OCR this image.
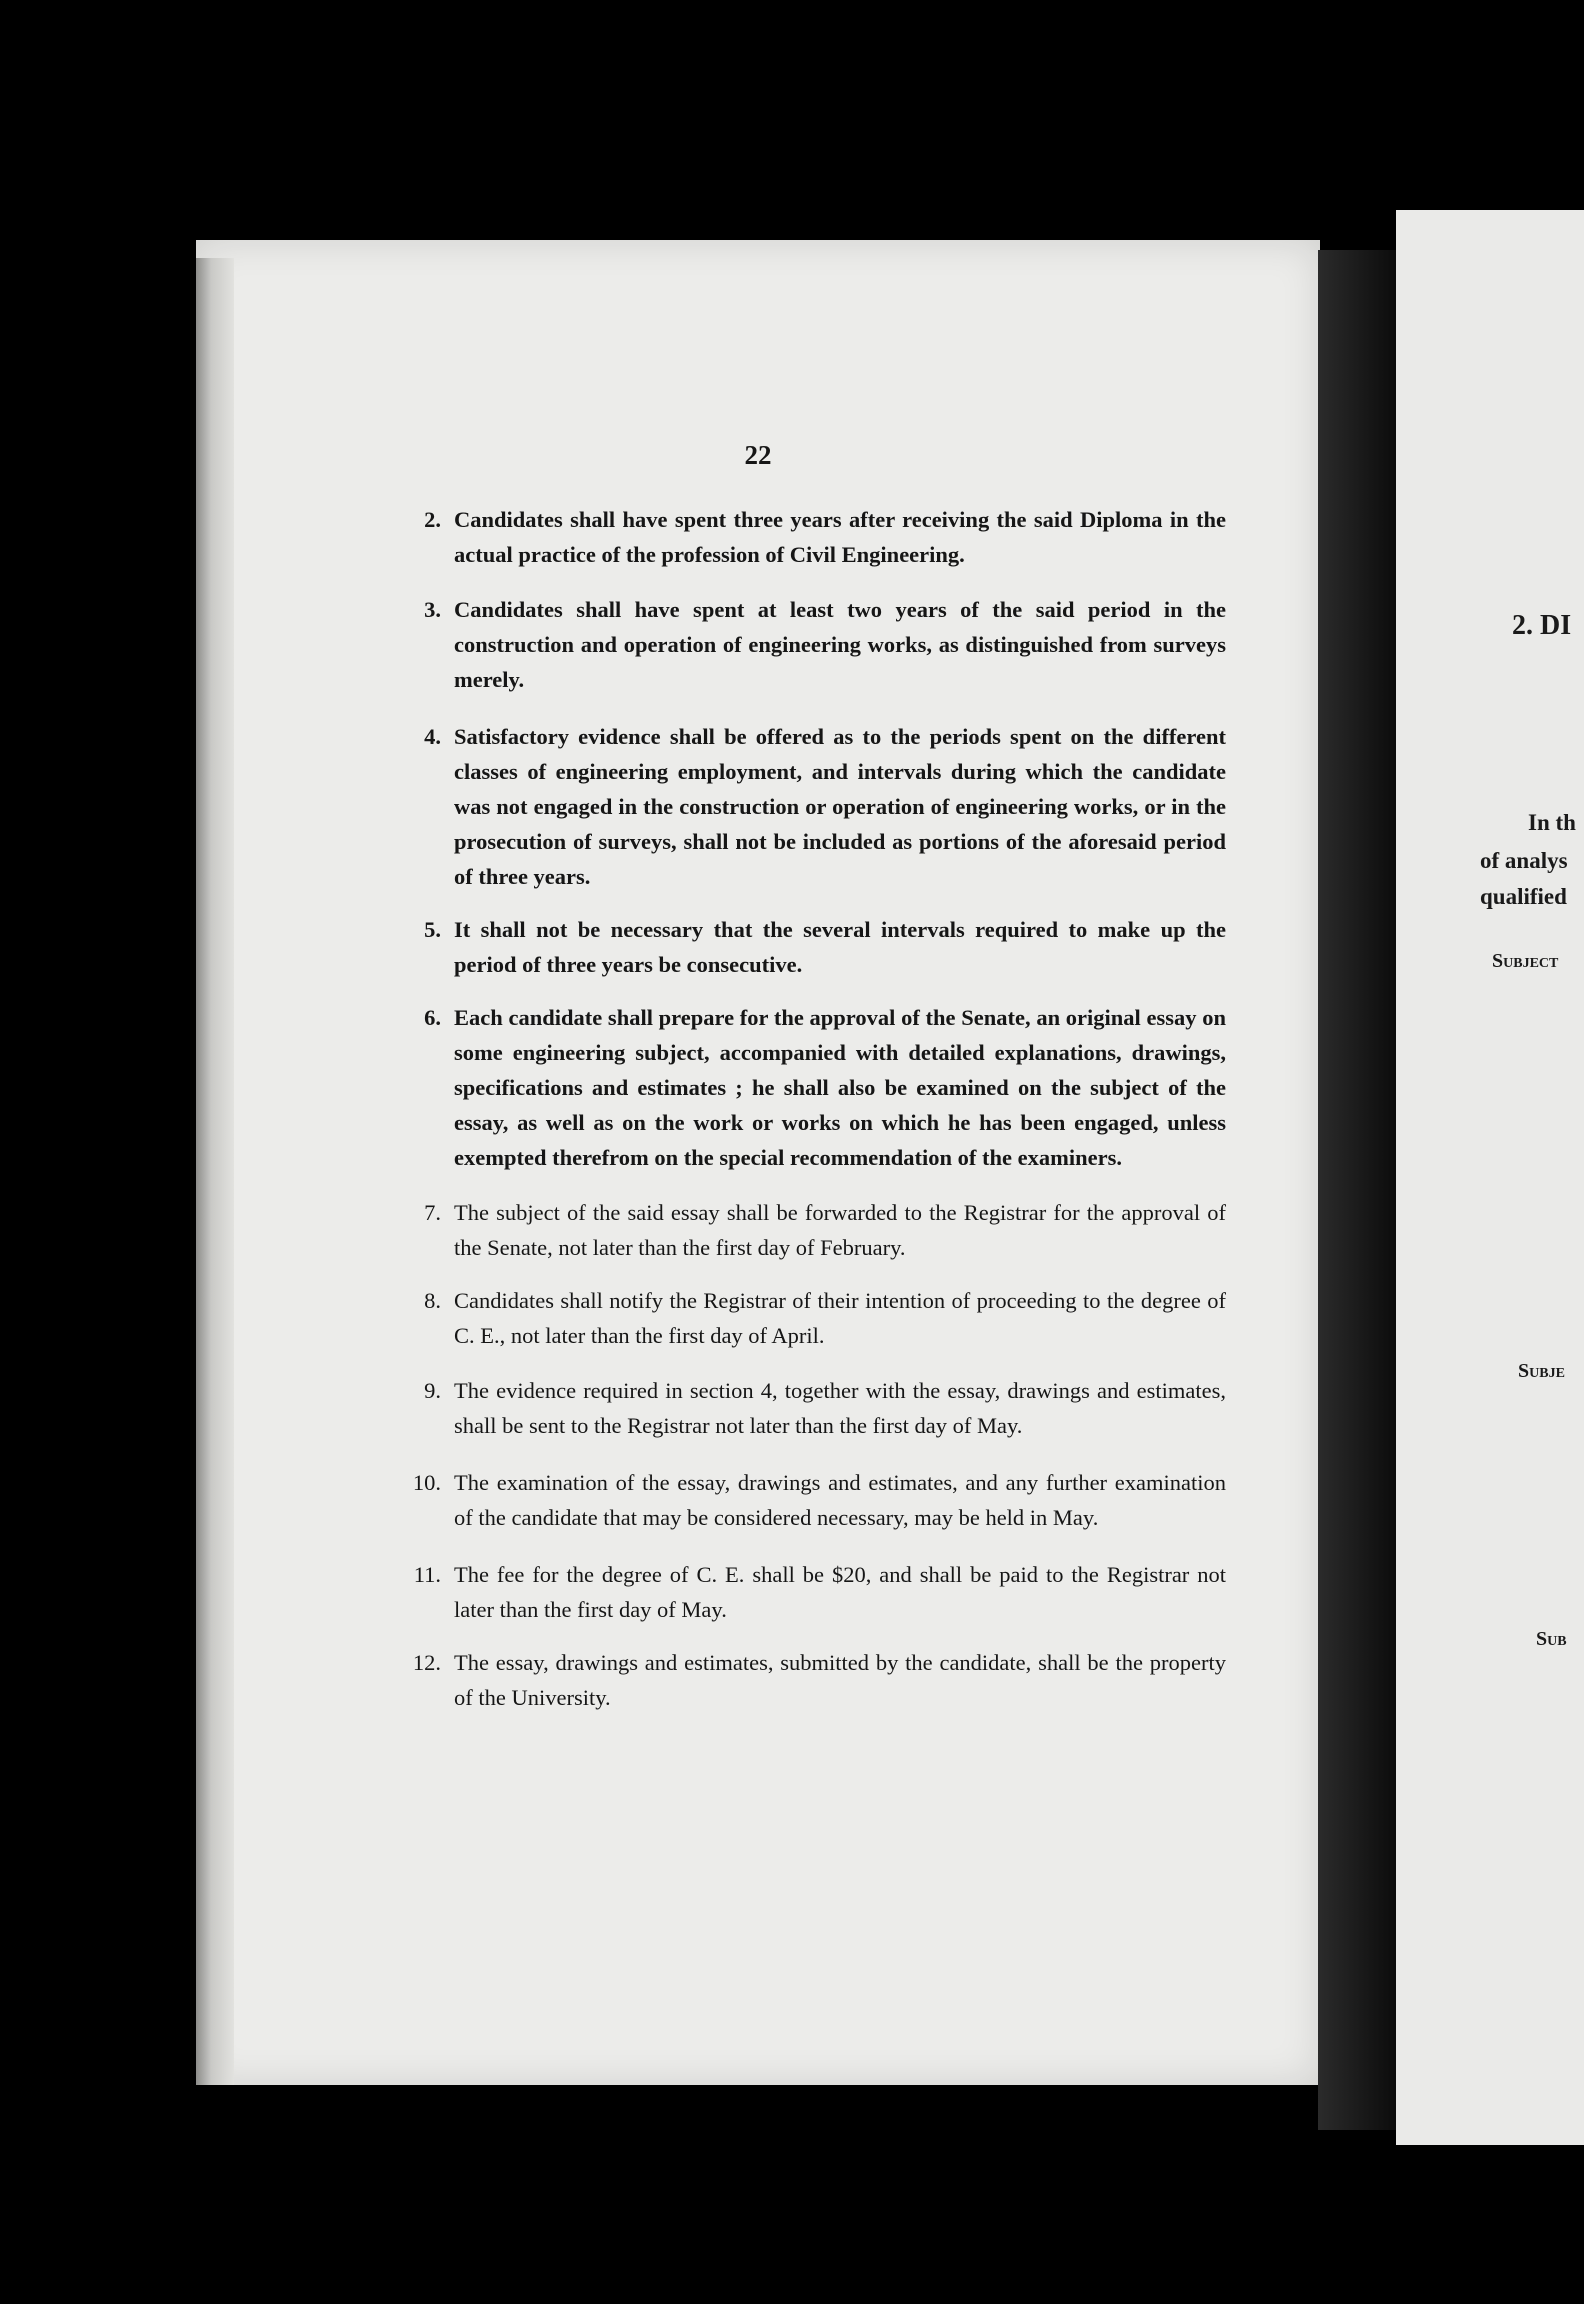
22
2. Candidates shall have spent three years after receiving the said Diploma in the actual practice of the profession of Civil Engineering.
3. Candidates shall have spent at least two years of the said period in the construction and operation of engineering works, as distinguished from surveys merely.
4. Satisfactory evidence shall be offered as to the periods spent on the different classes of engineering employment, and intervals during which the candidate was not engaged in the construction or operation of engineering works, or in the prosecution of surveys, shall not be included as portions of the aforesaid period of three years.
5. It shall not be necessary that the several intervals required to make up the period of three years be consecutive.
6. Each candidate shall prepare for the approval of the Senate, an original essay on some engineering subject, accompanied with detailed explanations, drawings, specifications and estimates ; he shall also be examined on the subject of the essay, as well as on the work or works on which he has been engaged, unless exempted therefrom on the special recommendation of the examiners.
7. The subject of the said essay shall be forwarded to the Registrar for the approval of the Senate, not later than the first day of February.
8. Candidates shall notify the Registrar of their intention of proceeding to the degree of C. E., not later than the first day of April.
9. The evidence required in section 4, together with the essay, drawings and estimates, shall be sent to the Registrar not later than the first day of May.
10. The examination of the essay, drawings and estimates, and any further examination of the candidate that may be considered necessary, may be held in May.
11. The fee for the degree of C. E. shall be $20, and shall be paid to the Registrar not later than the first day of May.
12. The essay, drawings and estimates, submitted by the candidate, shall be the property of the University.
2. DI
In th
of analys
qualified
Subject
Subje
Sub
